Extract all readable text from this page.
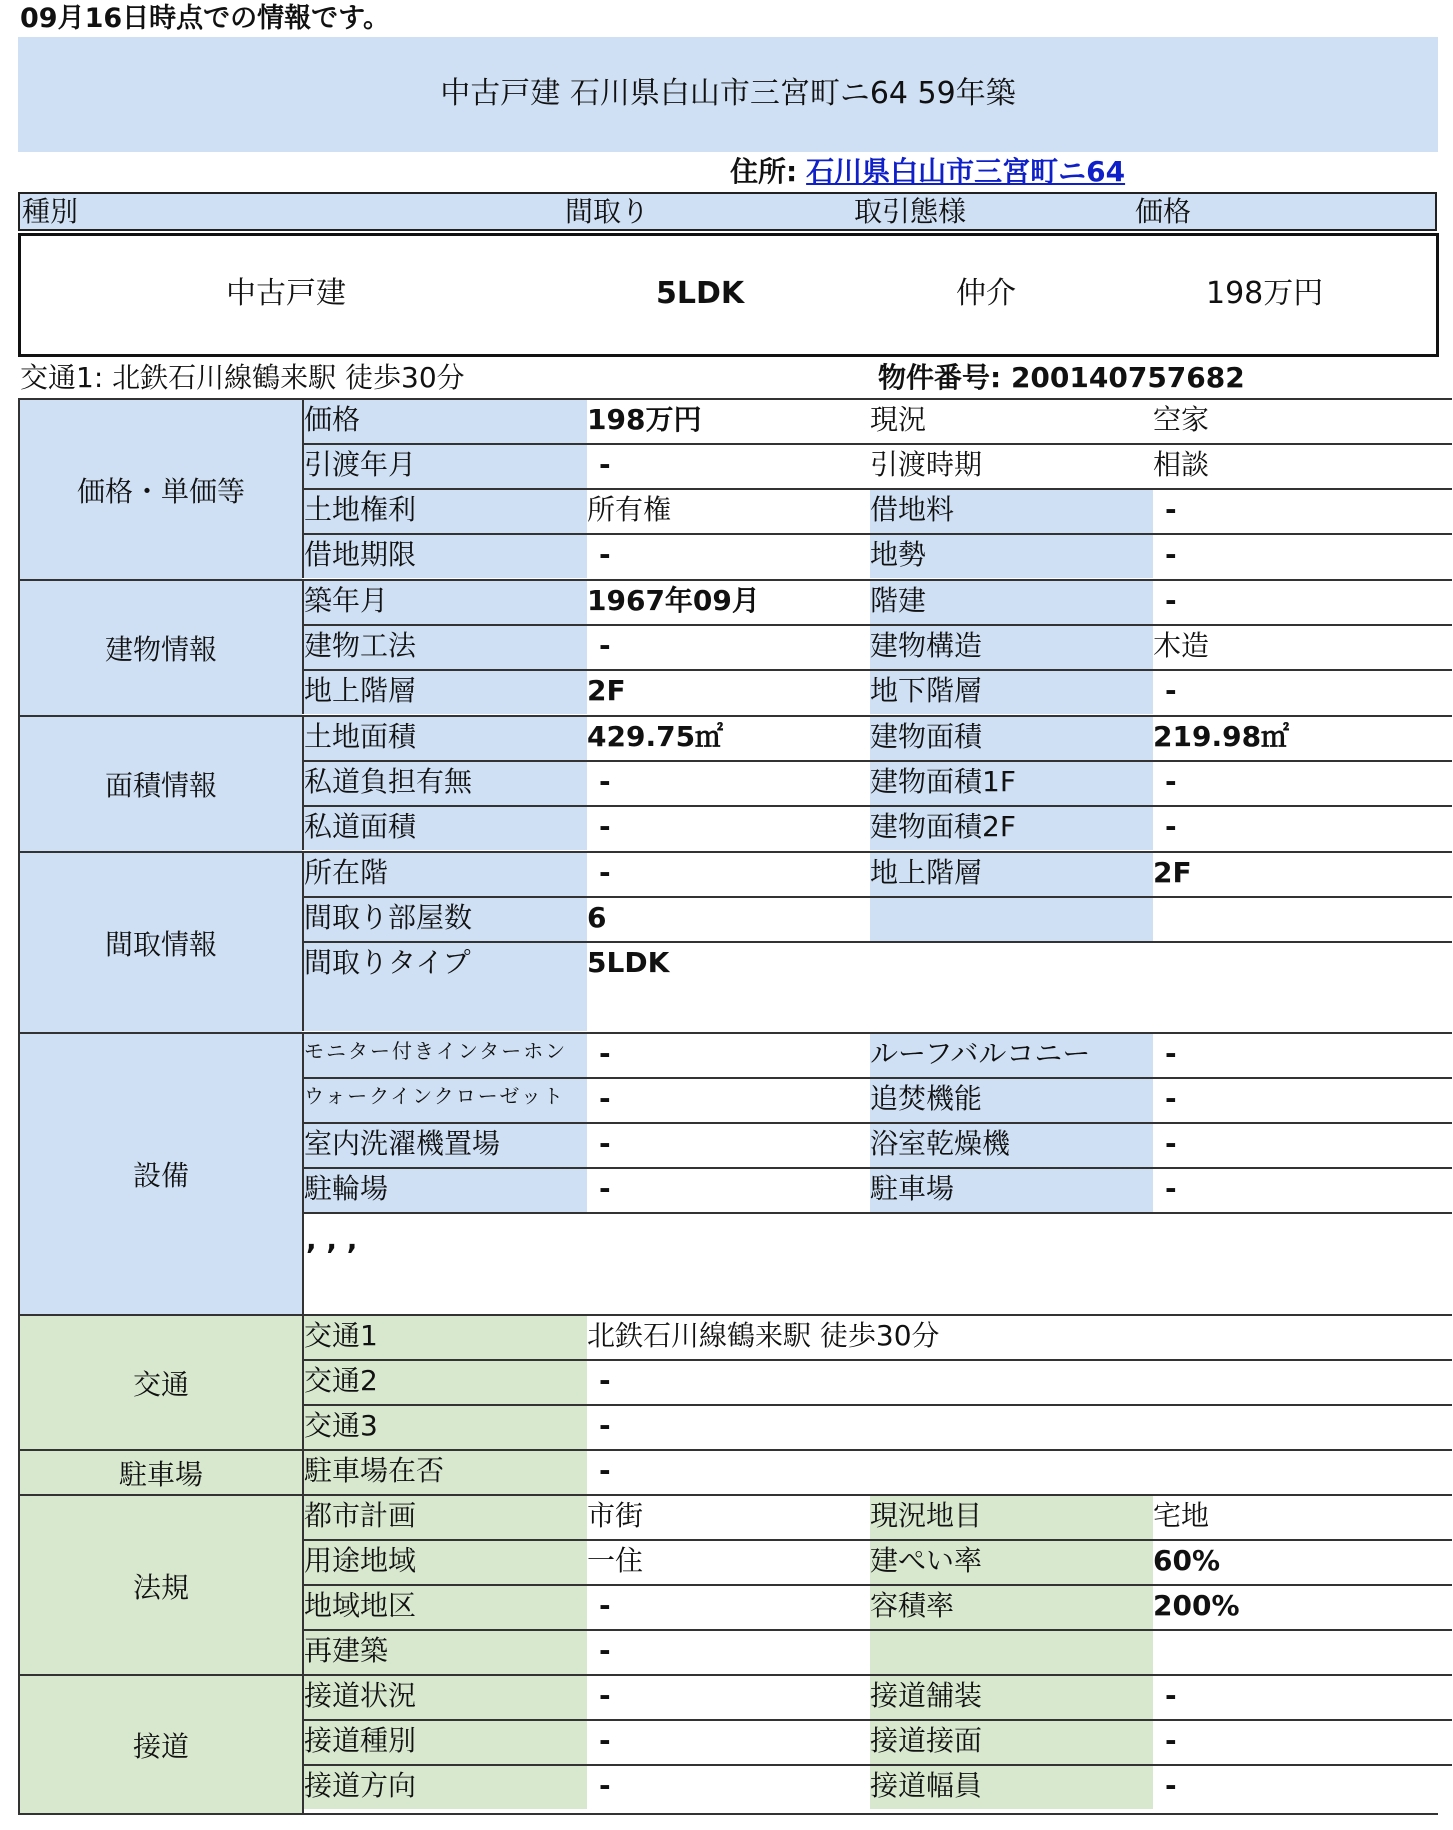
09月16日時点での情報です。
中古戸建 石川県白山市三宮町ニ64 59年築
住所: 石川県白山市三宮町ニ64
種別	間取り	取引態様	価格
中古戸建	5LDK	仲介	198万円
交通1: 北鉄石川線鶴来駅 徒歩30分	物件番号: 200140757682
価格・単価等
価格	198万円	現況	空家
引渡年月	-	引渡時期	相談
土地権利	所有権	借地料	-
借地期限	-	地勢	-
建物情報
築年月	1967年09月	階建	-
建物工法	-	建物構造	木造
地上階層	2F	地下階層	-
面積情報
土地面積	429.75㎡	建物面積	219.98㎡
私道負担有無	-	建物面積1F	-
私道面積	-	建物面積2F	-
間取情報
所在階	-	地上階層	2F
間取り部屋数	6
間取りタイプ	5LDK
設備
モニター付きインターホン	-	ルーフバルコニー	-
ウォークインクローゼット	-	追焚機能	-
室内洗濯機置場	-	浴室乾燥機	-
駐輪場	-	駐車場	-
, , ,
交通
交通1	北鉄石川線鶴来駅 徒歩30分
交通2	-
交通3	-
駐車場	駐車場在否	-
法規
都市計画	市街	現況地目	宅地
用途地域	一住	建ぺい率	60%
地域地区	-	容積率	200%
再建築	-
接道
接道状況	-	接道舗装	-
接道種別	-	接道接面	-
接道方向	-	接道幅員	-
